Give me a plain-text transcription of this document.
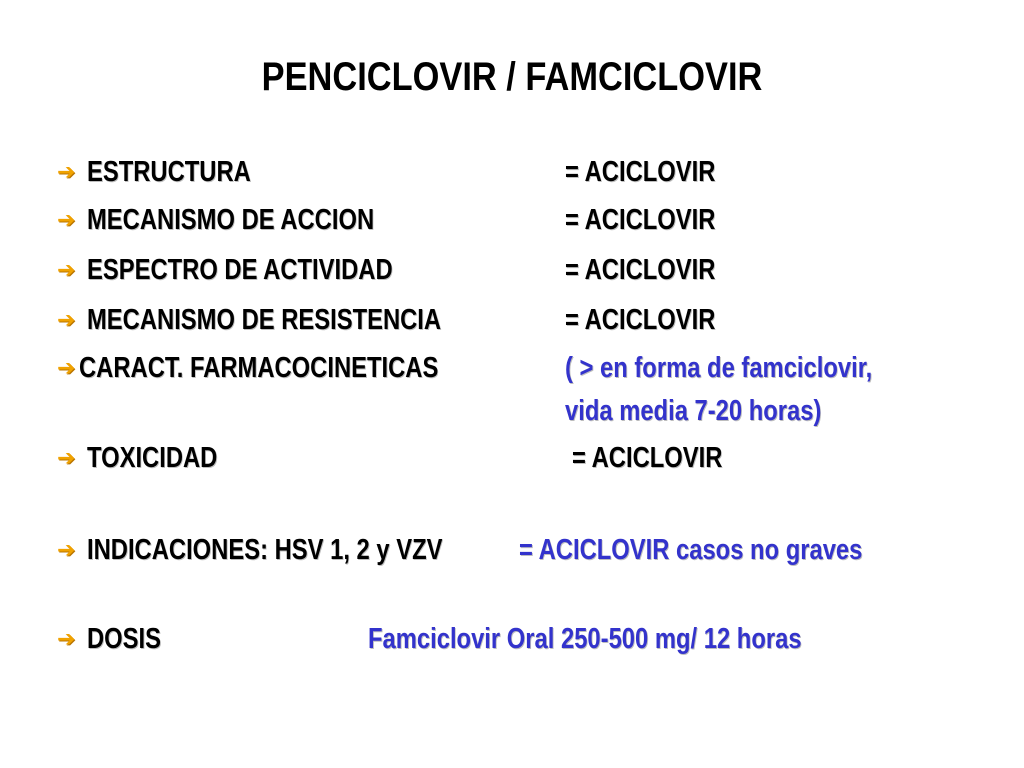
PENCICLOVIR / FAMCICLOVIR
➔ ESTRUCTURA	= ACICLOVIR
➔ MECANISMO DE ACCION	= ACICLOVIR
➔ ESPECTRO DE ACTIVIDAD	= ACICLOVIR
➔ MECANISMO DE RESISTENCIA	= ACICLOVIR
➔ CARACT. FARMACOCINETICAS	( > en forma de famciclovir,
vida media 7-20 horas)
➔ TOXICIDAD	= ACICLOVIR
➔ INDICACIONES: HSV 1, 2 y VZV	= ACICLOVIR casos no graves
➔ DOSIS	Famciclovir Oral 250-500 mg/ 12 horas
